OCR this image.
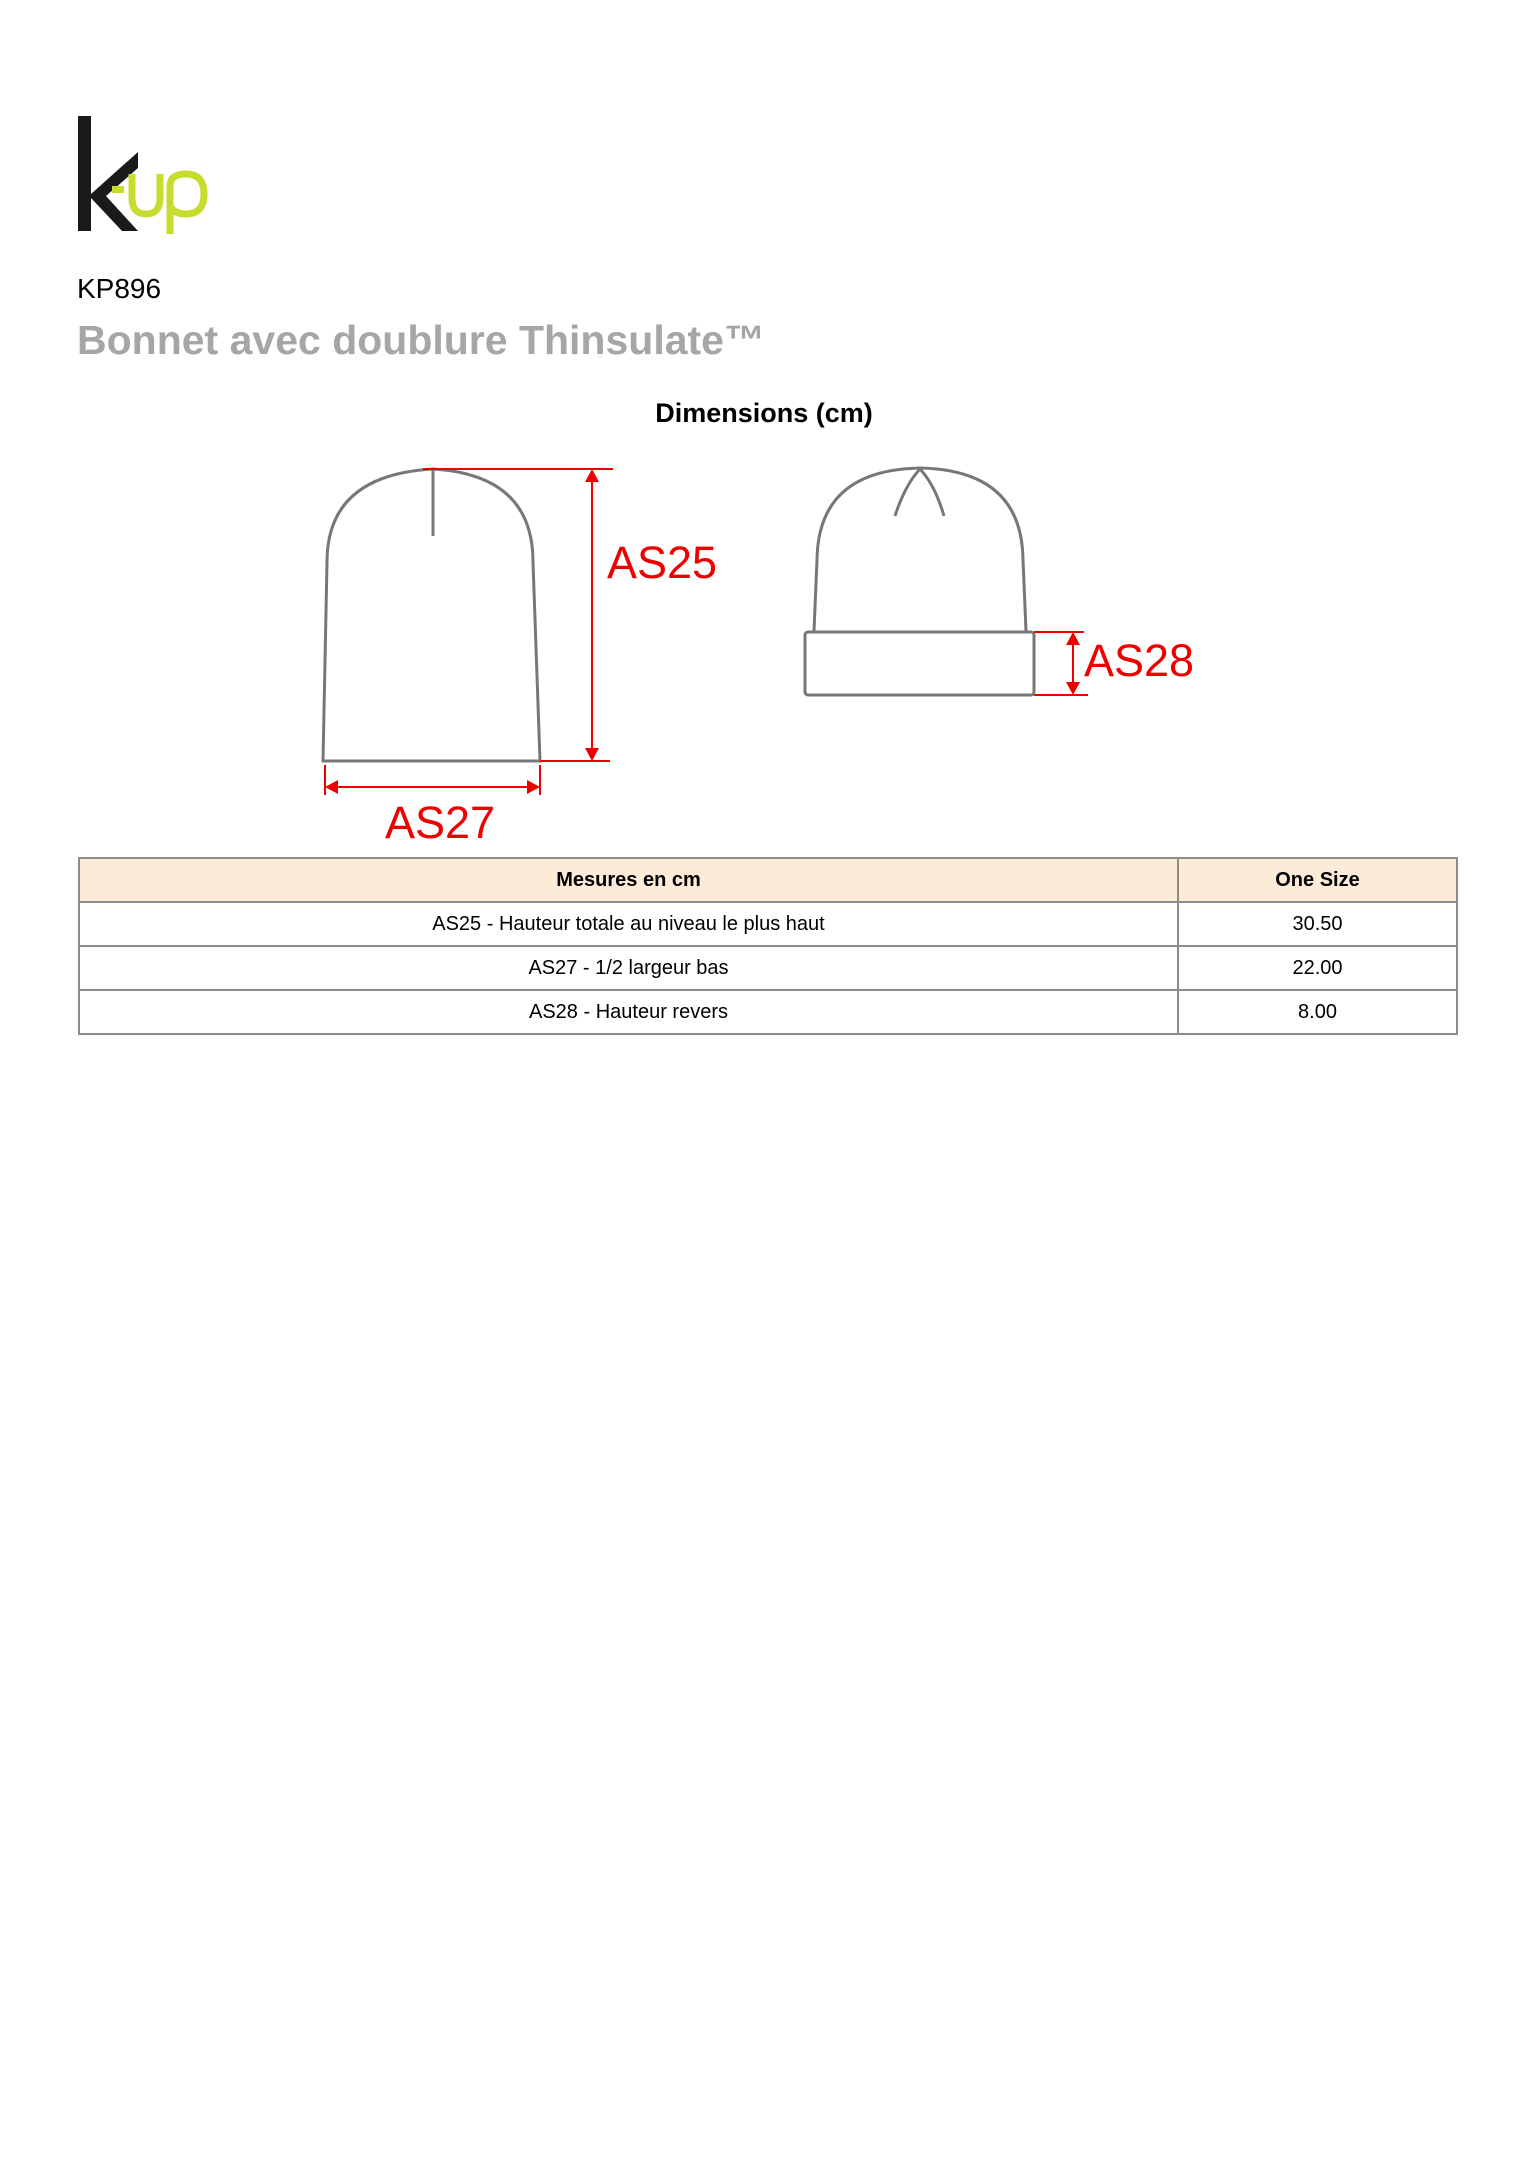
KP896
Bonnet avec doublure Thinsulate™
Dimensions (cm)
AS25
AS27
AS28
Mesures en cm	One Size
AS25 - Hauteur totale au niveau le plus haut	30.50
AS27 - 1/2 largeur bas	22.00
AS28 - Hauteur revers	8.00
